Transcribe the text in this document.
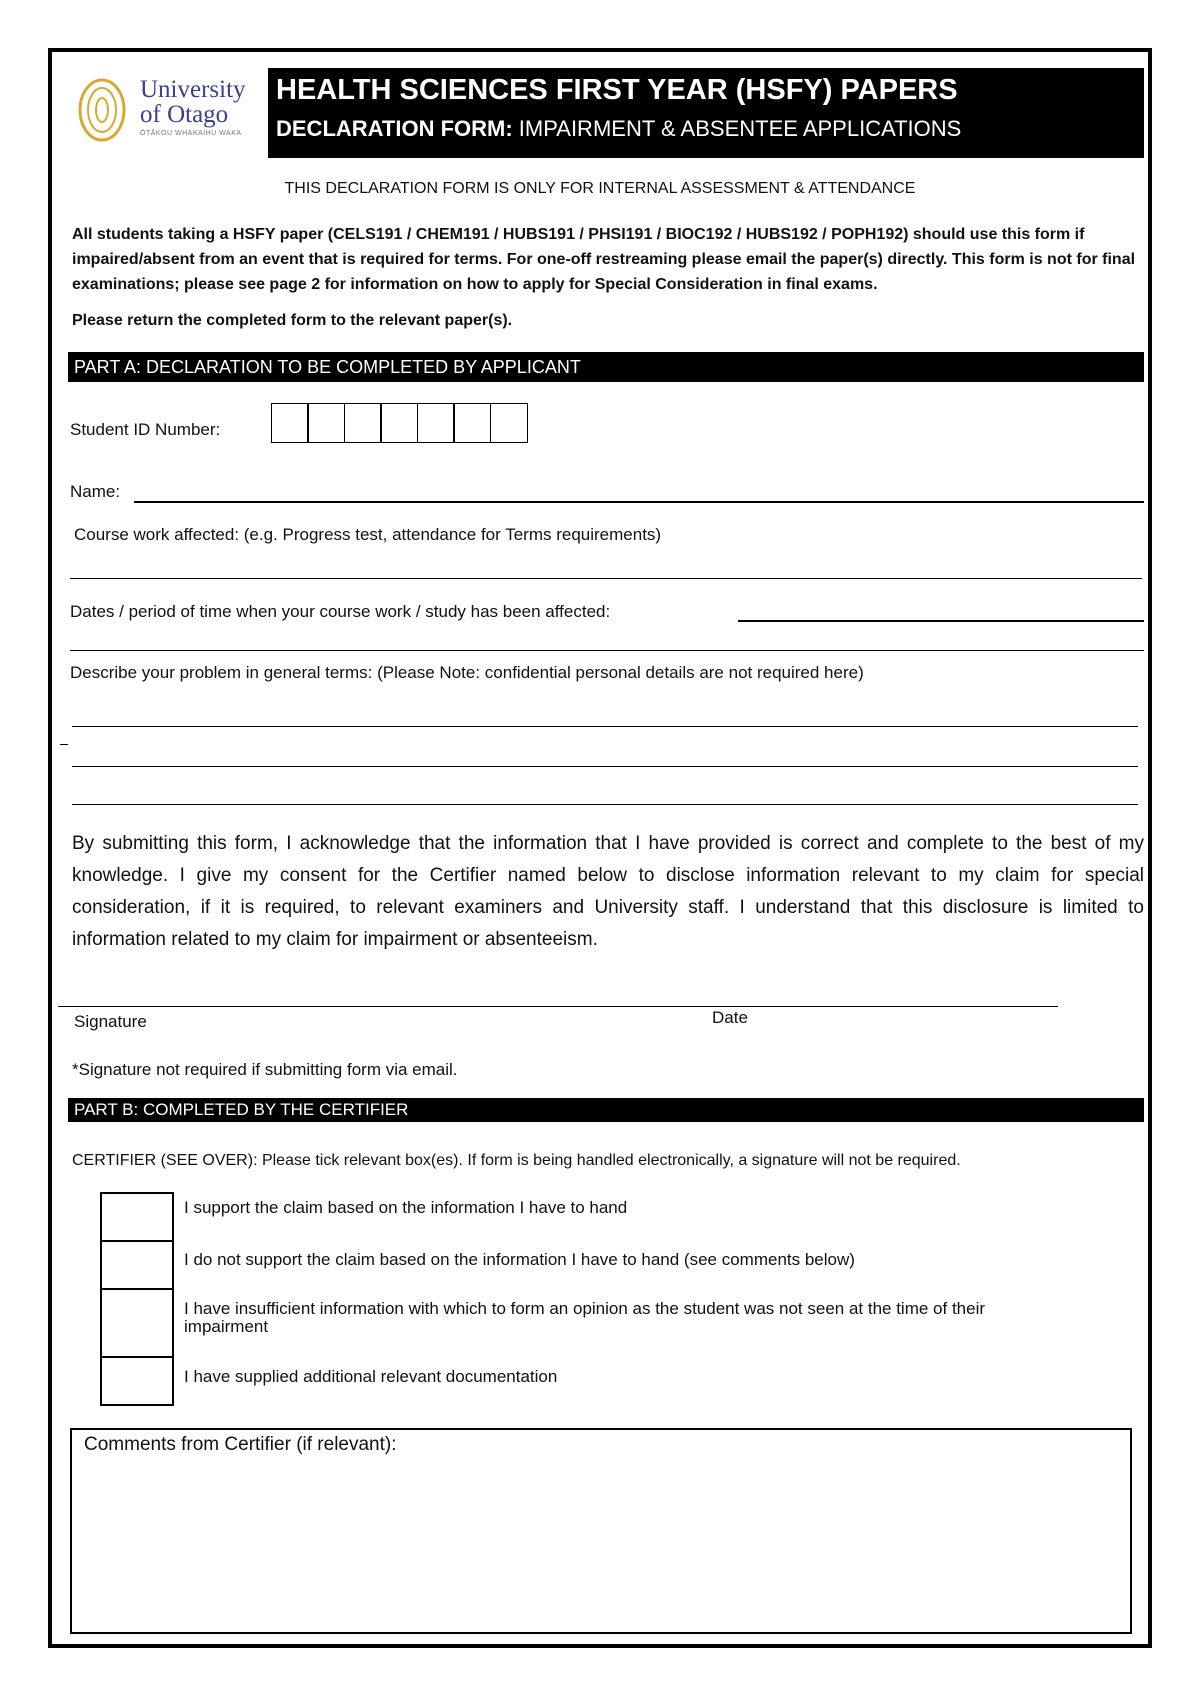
University
of Otago
ŌTĀKOU WHAKAIHU WAKA
HEALTH SCIENCES FIRST YEAR (HSFY) PAPERS
DECLARATION FORM: IMPAIRMENT & ABSENTEE APPLICATIONS
THIS DECLARATION FORM IS ONLY FOR INTERNAL ASSESSMENT & ATTENDANCE
All students taking a HSFY paper (CELS191 / CHEM191 / HUBS191 / PHSI191 / BIOC192 / HUBS192 / POPH192) should use this form if impaired/absent from an event that is required for terms. For one-off restreaming please email the paper(s) directly. This form is not for final examinations; please see page 2 for information on how to apply for Special Consideration in final exams.
Please return the completed form to the relevant paper(s).
PART A: DECLARATION TO BE COMPLETED BY APPLICANT
Student ID Number:
Name:
Course work affected: (e.g. Progress test, attendance for Terms requirements)
Dates / period of time when your course work / study has been affected:
Describe your problem in general terms: (Please Note: confidential personal details are not required here)
By submitting this form, I acknowledge that the information that I have provided is correct and complete to the best of my knowledge. I give my consent for the Certifier named below to disclose information relevant to my claim for special consideration, if it is required, to relevant examiners and University staff. I understand that this disclosure is limited to information related to my claim for impairment or absenteeism.
Signature	Date
*Signature not required if submitting form via email.
PART B: COMPLETED BY THE CERTIFIER
CERTIFIER (SEE OVER): Please tick relevant box(es). If form is being handled electronically, a signature will not be required.
I support the claim based on the information I have to hand
I do not support the claim based on the information I have to hand (see comments below)
I have insufficient information with which to form an opinion as the student was not seen at the time of their impairment
I have supplied additional relevant documentation
Comments from Certifier (if relevant):
